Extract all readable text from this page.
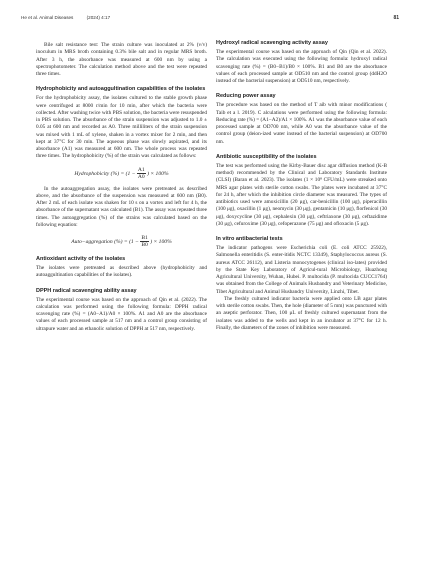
He et al. Animal Diseases	(2024) 4:17	81

Bile salt resistance test: The strain culture was inoculated at 2% (v/v) inoculum in MRS broth containing 0.3% bile salt and in regular MRS broth. After 3 h, the absorbance was measured at 600 nm by using a spectrophotometer. The calculation method above and the test were repeated three times.

Hydrophobicity and autoaggultination capabilities of the isolates

For the hydrophobicity assay, the isolates cultured to the stable growth phase were centrifuged at 8000 r/min for 10 min, after which the bacteria were collected. After washing twice with PBS solution, the bacteria were resuspended in PBS solution. The absorbance of the strain suspension was adjusted to 1.0 ± 0.05 at 600 nm and recorded as A0. Three milliliters of the strain suspension was mixed with 1 mL of xylene, shaken in a vortex mixer for 2 min, and then kept at 37°C for 30 min. The aqueous phase was slowly aspirated, and its absorbance (A1) was measured at 600 nm. The whole process was repeated three times. The hydrophobicity (%) of the strain was calculated as follows:

Hydrophobicity (%) = ($1 - \frac{A1}{A0}$ ) × 100%

In the autoaggregation assay, the isolates were pretreated as described above, and the absorbance of the suspension was measured at 600 nm (B0). After 2 mL of each isolate was shaken for 10 s on a vortex and left for 4 h, the absorbance of the supernatant was calculated (B1). The assay was repeated three times. The autoaggregation (%) of the strains was calculated based on the following equation:

Auto−aggregation (%) = ($1 - \frac{B1}{B0}$ ) × 100%
Antioxidant activity of the isolates

The isolates were pretreated as described above (hydrophobicity and autoaggultination capabilities of the isolates).

DPPH radical scavenging ability assay

The experimental course was based on the approach of Qin et al. (2022). The calculation was performed using the following formula: DPPH radical scavenging rate (%) = (A0−A1)/A0 × 100%. A1 and A0 are the absorbance values of each processed sample at 517 nm and a control group consisting of ultrapure water and an ethanolic solution of DPPH at 517 nm, respectively.

Hydroxyl radical scavenging activity assay

The experimental course was based on the approach of Qin (Qin et al. 2022). The calculation was executed using the following formula: hydroxyl radical scavenging rate (%) = (B0−B1)/B0 × 100%. B1 and B0 are the absorbance values of each processed sample at OD510 nm and the control group (ddH2O instead of the bacterial suspension) at OD510 nm, respectively.

Reducing power assay

The procedure was based on the method of T aib with minor modifications ( Taib et a l. 2019). C alculations were performed using the following formula: Reducing rate (%) = (A1−A2)/A1 × 100%. A1 was the absorbance value of each processed sample at OD700 nm, while A0 was the absorbance value of the control group (deion-ized water instead of the bacterial suspension) at OD700 nm.

Antibiotic susceptibility of the isolates

The test was performed using the Kirby-Bauer disc agar diffusion method (K-B method) recommended by the Clinical and Laboratory Standards Institute (CLSI) (Baran et al. 2023). The isolates (1 × 10⁸ CFU/mL) were streaked onto MRS agar plates with sterile cotton swabs. The plates were incubated at 37°C for 24 h, after which the inhibition circle diameter was measured. The types of antibiotics used were amoxicillin (20 μg), car-benicillin (100 μg), piperacillin (100 μg), oxacillin (1 μg), neomycin (30 μg), gentamicin (10 μg), florfenicol (30 μg), doxycycline (30 μg), cephalexin (30 μg), ceftriaxone (30 μg), ceftazidime (30 μg), cefuroxime (30 μg), cefoperazone (75 μg) and ofloxacin (5 μg).

In vitro antibacterial tests

The indicator pathogens were Escherichia coli (E. coli ATCC 25922), Salmonella enteritidis (S. enter-itidis NCTC 13349), Staphylococcus aureus (S. aureus ATCC 26112), and Listeria monocytogenes (clinical iso-lates) provided by the State Key Laboratory of Agricul-tural Microbiology, Huazhong Agricultural University, Wuhan, Hubei. P. multocida (P. multocida CUCC1764) was obtained from the College of Animals Husbandry and Veterinary Medicine, Tibet Agricultural and Animal Husbandry University, Linzhi, Tibet.

The freshly cultured indicator bacteria were applied onto LB agar plates with sterile cotton swabs. Then, the hole (diameter of 5 mm) was punctured with an aseptic perforator. Then, 100 μL of freshly cultured supernatant from the isolates was added to the wells and kept in an incubator at 37°C for 12 h. Finally, the diameters of the zones of inhibition were measured.
